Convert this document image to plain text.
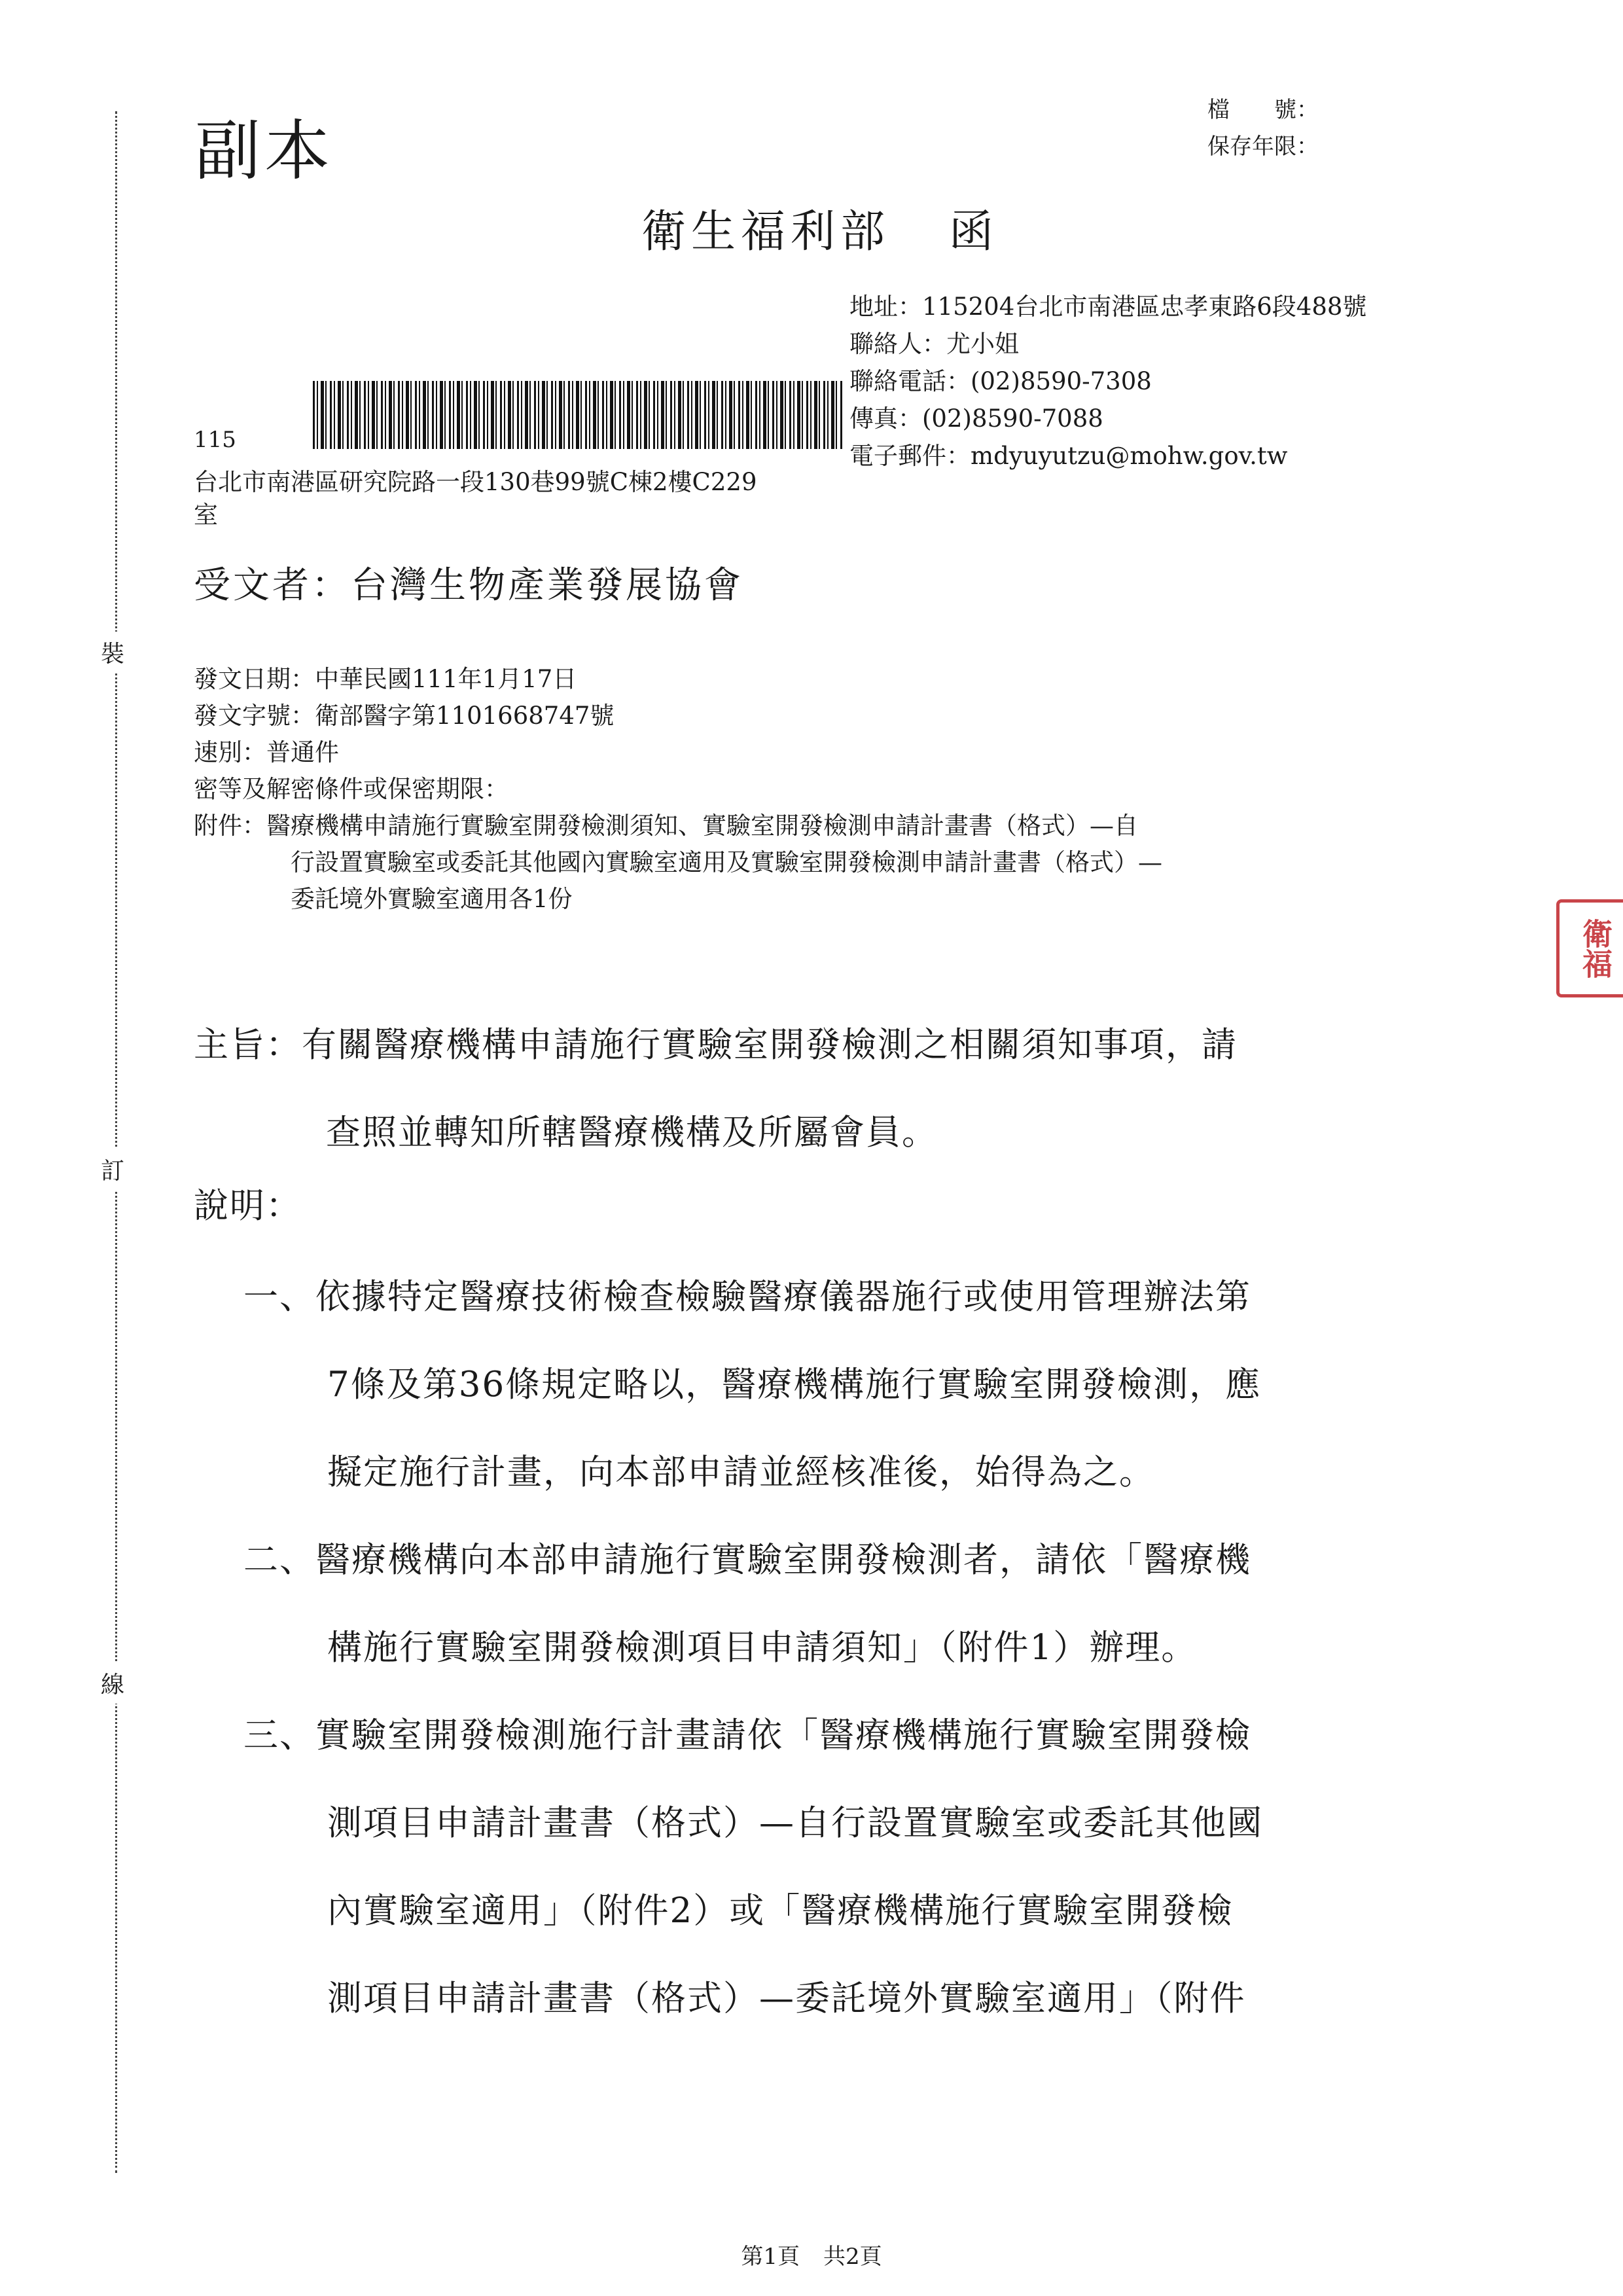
裝
訂
線
副本
檔　　號：
保存年限：
衛生福利部 函
地址：115204台北市南港區忠孝東路6段488號
聯絡人：尤小姐
聯絡電話：(02)8590-7308
傳真：(02)8590-7088
電子郵件：mdyuyutzu@mohw.gov.tw
115
台北市南港區研究院路一段130巷99號C棟2樓C229
室
受文者：台灣生物產業發展協會
發文日期：中華民國111年1月17日
發文字號：衛部醫字第1101668747號
速別：普通件
密等及解密條件或保密期限：
附件：醫療機構申請施行實驗室開發檢測須知、實驗室開發檢測申請計畫書（格式）—自
行設置實驗室或委託其他國內實驗室適用及實驗室開發檢測申請計畫書（格式）—
委託境外實驗室適用各1份
衛福
主旨：有關醫療機構申請施行實驗室開發檢測之相關須知事項，請
查照並轉知所轄醫療機構及所屬會員。
說明：
一、依據特定醫療技術檢查檢驗醫療儀器施行或使用管理辦法第
7條及第36條規定略以，醫療機構施行實驗室開發檢測，應
擬定施行計畫，向本部申請並經核准後，始得為之。
二、醫療機構向本部申請施行實驗室開發檢測者，請依「醫療機
構施行實驗室開發檢測項目申請須知」（附件1）辦理。
三、實驗室開發檢測施行計畫請依「醫療機構施行實驗室開發檢
測項目申請計畫書（格式）—自行設置實驗室或委託其他國
內實驗室適用」（附件2）或「醫療機構施行實驗室開發檢
測項目申請計畫書（格式）—委託境外實驗室適用」（附件
第1頁 共2頁
